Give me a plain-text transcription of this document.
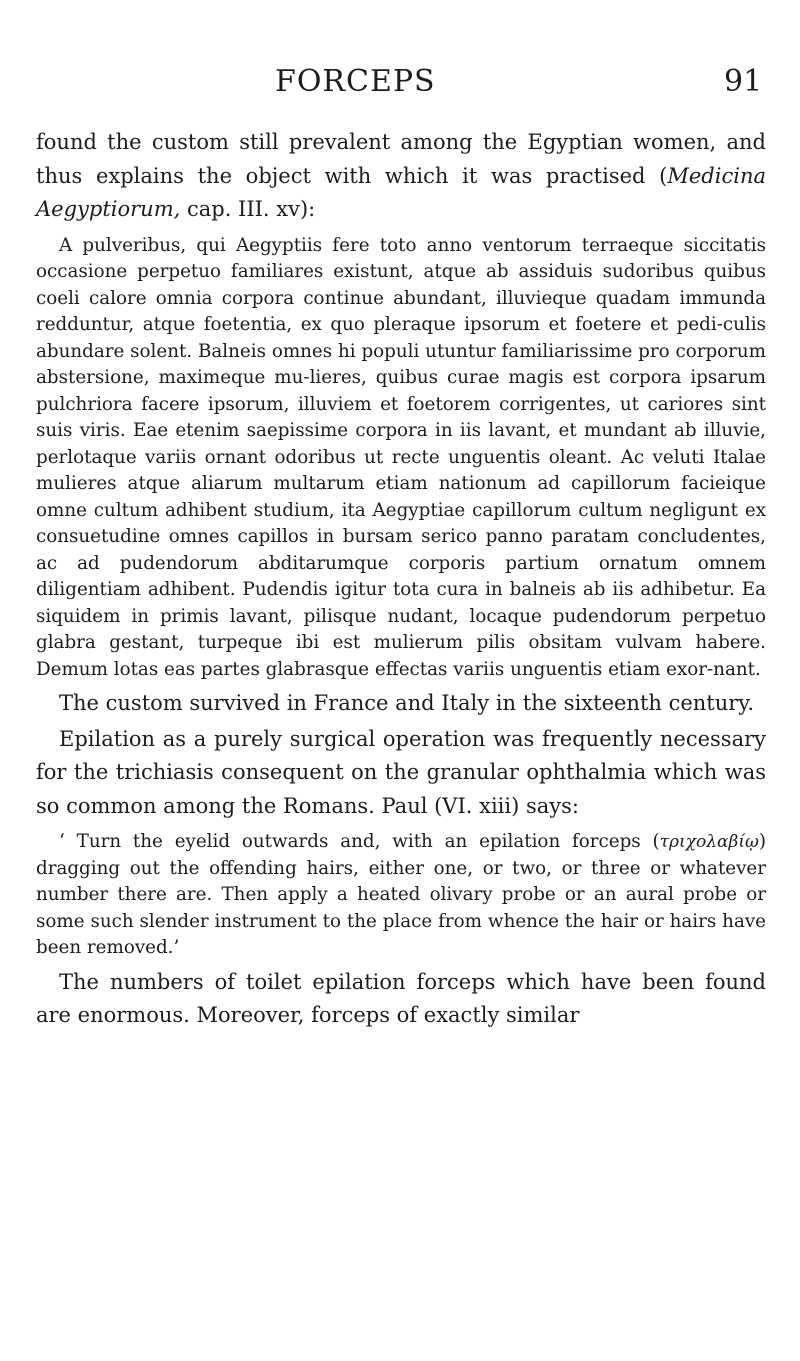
FORCEPS	91

found the custom still prevalent among the Egyptian women, and thus explains the object with which it was practised (Medicina Aegyptiorum, cap. III. xv):

A pulveribus, qui Aegyptiis fere toto anno ventorum terraeque siccitatis occasione perpetuo familiares existunt, atque ab assiduis sudoribus quibus coeli calore omnia corpora continue abundant, illuvieque quadam immunda redduntur, atque foetentia, ex quo pleraque ipsorum et foetere et pedi-culis abundare solent. Balneis omnes hi populi utuntur familiarissime pro corporum abstersione, maximeque mu-lieres, quibus curae magis est corpora ipsarum pulchriora facere ipsorum, illuviem et foetorem corrigentes, ut cariores sint suis viris. Eae etenim saepissime corpora in iis lavant, et mundant ab illuvie, perlotaque variis ornant odoribus ut recte unguentis oleant. Ac veluti Italae mulieres atque aliarum multarum etiam nationum ad capillorum facieique omne cultum adhibent studium, ita Aegyptiae capillorum cultum negligunt ex consuetudine omnes capillos in bursam serico panno paratam concludentes, ac ad pudendorum abditarumque corporis partium ornatum omnem diligentiam adhibent. Pudendis igitur tota cura in balneis ab iis adhibetur. Ea siquidem in primis lavant, pilisque nudant, locaque pudendorum perpetuo glabra gestant, turpeque ibi est mulierum pilis obsitam vulvam habere. Demum lotas eas partes glabrasque effectas variis unguentis etiam exor-nant.

The custom survived in France and Italy in the sixteenth century.

Epilation as a purely surgical operation was frequently necessary for the trichiasis consequent on the granular ophthalmia which was so common among the Romans. Paul (VI. xiii) says:

‘ Turn the eyelid outwards and, with an epilation forceps (τριχολαβίῳ) dragging out the offending hairs, either one, or two, or three or whatever number there are. Then apply a heated olivary probe or an aural probe or some such slender instrument to the place from whence the hair or hairs have been removed.’

The numbers of toilet epilation forceps which have been found are enormous. Moreover, forceps of exactly similar
